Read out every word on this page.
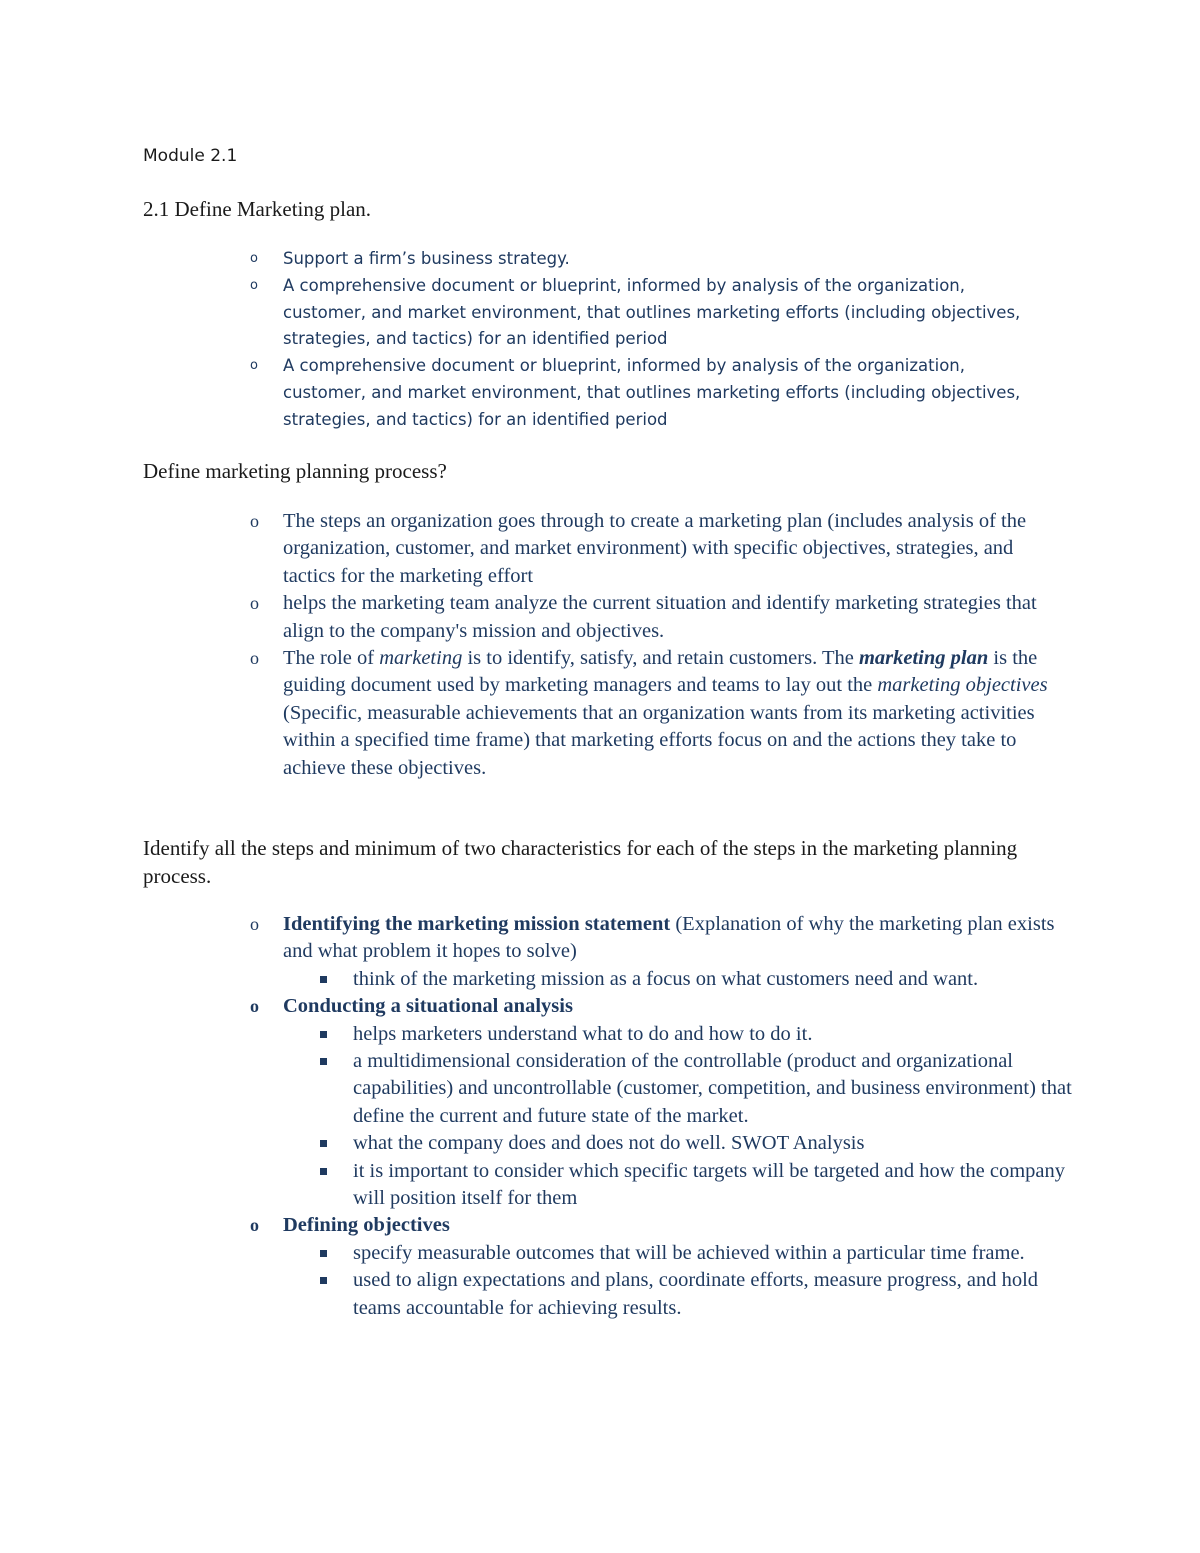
Module 2.1
2.1 Define Marketing plan.
o Support a firm’s business strategy.
o A comprehensive document or blueprint, informed by analysis of the organization, customer, and market environment, that outlines marketing efforts (including objectives, strategies, and tactics) for an identified period
o A comprehensive document or blueprint, informed by analysis of the organization, customer, and market environment, that outlines marketing efforts (including objectives, strategies, and tactics) for an identified period
Define marketing planning process?
o The steps an organization goes through to create a marketing plan (includes analysis of the organization, customer, and market environment) with specific objectives, strategies, and tactics for the marketing effort
o helps the marketing team analyze the current situation and identify marketing strategies that align to the company's mission and objectives.
o The role of marketing is to identify, satisfy, and retain customers. The marketing plan is the guiding document used by marketing managers and teams to lay out the marketing objectives (Specific, measurable achievements that an organization wants from its marketing activities within a specified time frame) that marketing efforts focus on and the actions they take to achieve these objectives.
Identify all the steps and minimum of two characteristics for each of the steps in the marketing planning process.
o Identifying the marketing mission statement (Explanation of why the marketing plan exists and what problem it hopes to solve)
think of the marketing mission as a focus on what customers need and want.
o Conducting a situational analysis
helps marketers understand what to do and how to do it.
a multidimensional consideration of the controllable (product and organizational capabilities) and uncontrollable (customer, competition, and business environment) that define the current and future state of the market.
what the company does and does not do well. SWOT Analysis
it is important to consider which specific targets will be targeted and how the company will position itself for them
o Defining objectives
specify measurable outcomes that will be achieved within a particular time frame.
used to align expectations and plans, coordinate efforts, measure progress, and hold teams accountable for achieving results.
